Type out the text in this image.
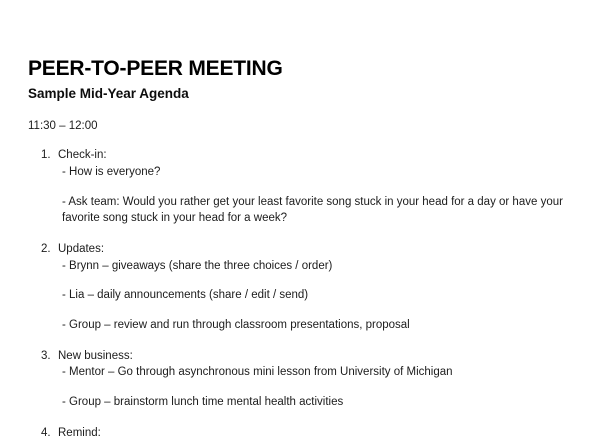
PEER-TO-PEER MEETING
Sample Mid-Year Agenda

11:30 – 12:00

1. Check-in:

- How is everyone?
- Ask team: Would you rather get your least favorite song stuck in your head for a day or have your favorite song stuck in your head for a week?
2. Updates:

- Brynn – giveaways (share the three choices / order)
- Lia – daily announcements (share / edit / send)
- Group – review and run through classroom presentations, proposal
3. New business:

- Mentor – Go through asynchronous mini lesson from University of Michigan
- Group – brainstorm lunch time mental health activities
4. Remind:
